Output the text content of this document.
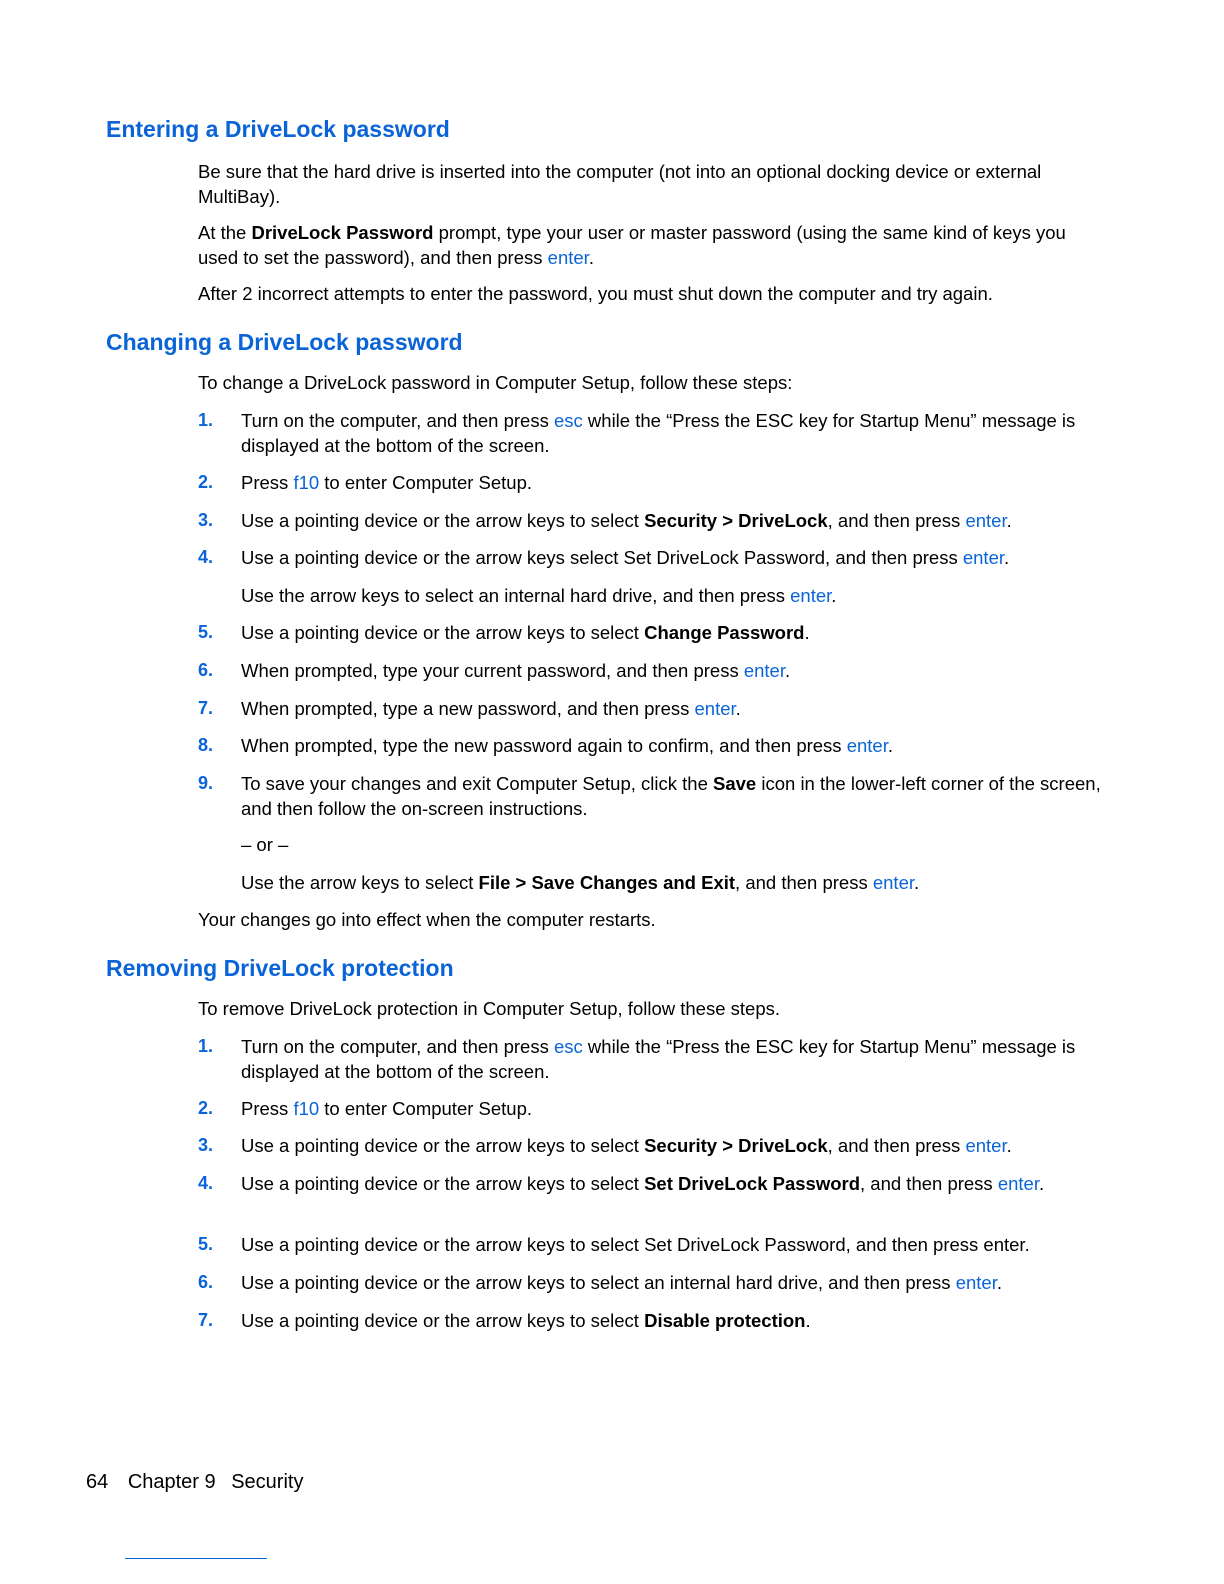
Entering a DriveLock password

Be sure that the hard drive is inserted into the computer (not into an optional docking device or external MultiBay).

At the DriveLock Password prompt, type your user or master password (using the same kind of keys you used to set the password), and then press enter.

After 2 incorrect attempts to enter the password, you must shut down the computer and try again.

Changing a DriveLock password

To change a DriveLock password in Computer Setup, follow these steps:

1. Turn on the computer, and then press esc while the “Press the ESC key for Startup Menu” message is displayed at the bottom of the screen.
2. Press f10 to enter Computer Setup.
3. Use a pointing device or the arrow keys to select Security > DriveLock, and then press enter.
4. Use a pointing device or the arrow keys select Set DriveLock Password, and then press enter.
Use the arrow keys to select an internal hard drive, and then press enter.
5. Use a pointing device or the arrow keys to select Change Password.
6. When prompted, type your current password, and then press enter.
7. When prompted, type a new password, and then press enter.
8. When prompted, type the new password again to confirm, and then press enter.
9. To save your changes and exit Computer Setup, click the Save icon in the lower-left corner of the screen, and then follow the on-screen instructions.
– or –
Use the arrow keys to select File > Save Changes and Exit, and then press enter.

Your changes go into effect when the computer restarts.

Removing DriveLock protection

To remove DriveLock protection in Computer Setup, follow these steps.

1. Turn on the computer, and then press esc while the “Press the ESC key for Startup Menu” message is displayed at the bottom of the screen.
2. Press f10 to enter Computer Setup.
3. Use a pointing device or the arrow keys to select Security > DriveLock, and then press enter.
4. Use a pointing device or the arrow keys to select Set DriveLock Password, and then press enter.
5. Use a pointing device or the arrow keys to select Set DriveLock Password, and then press enter.
6. Use a pointing device or the arrow keys to select an internal hard drive, and then press enter.
7. Use a pointing device or the arrow keys to select Disable protection.
64 Chapter 9 Security
